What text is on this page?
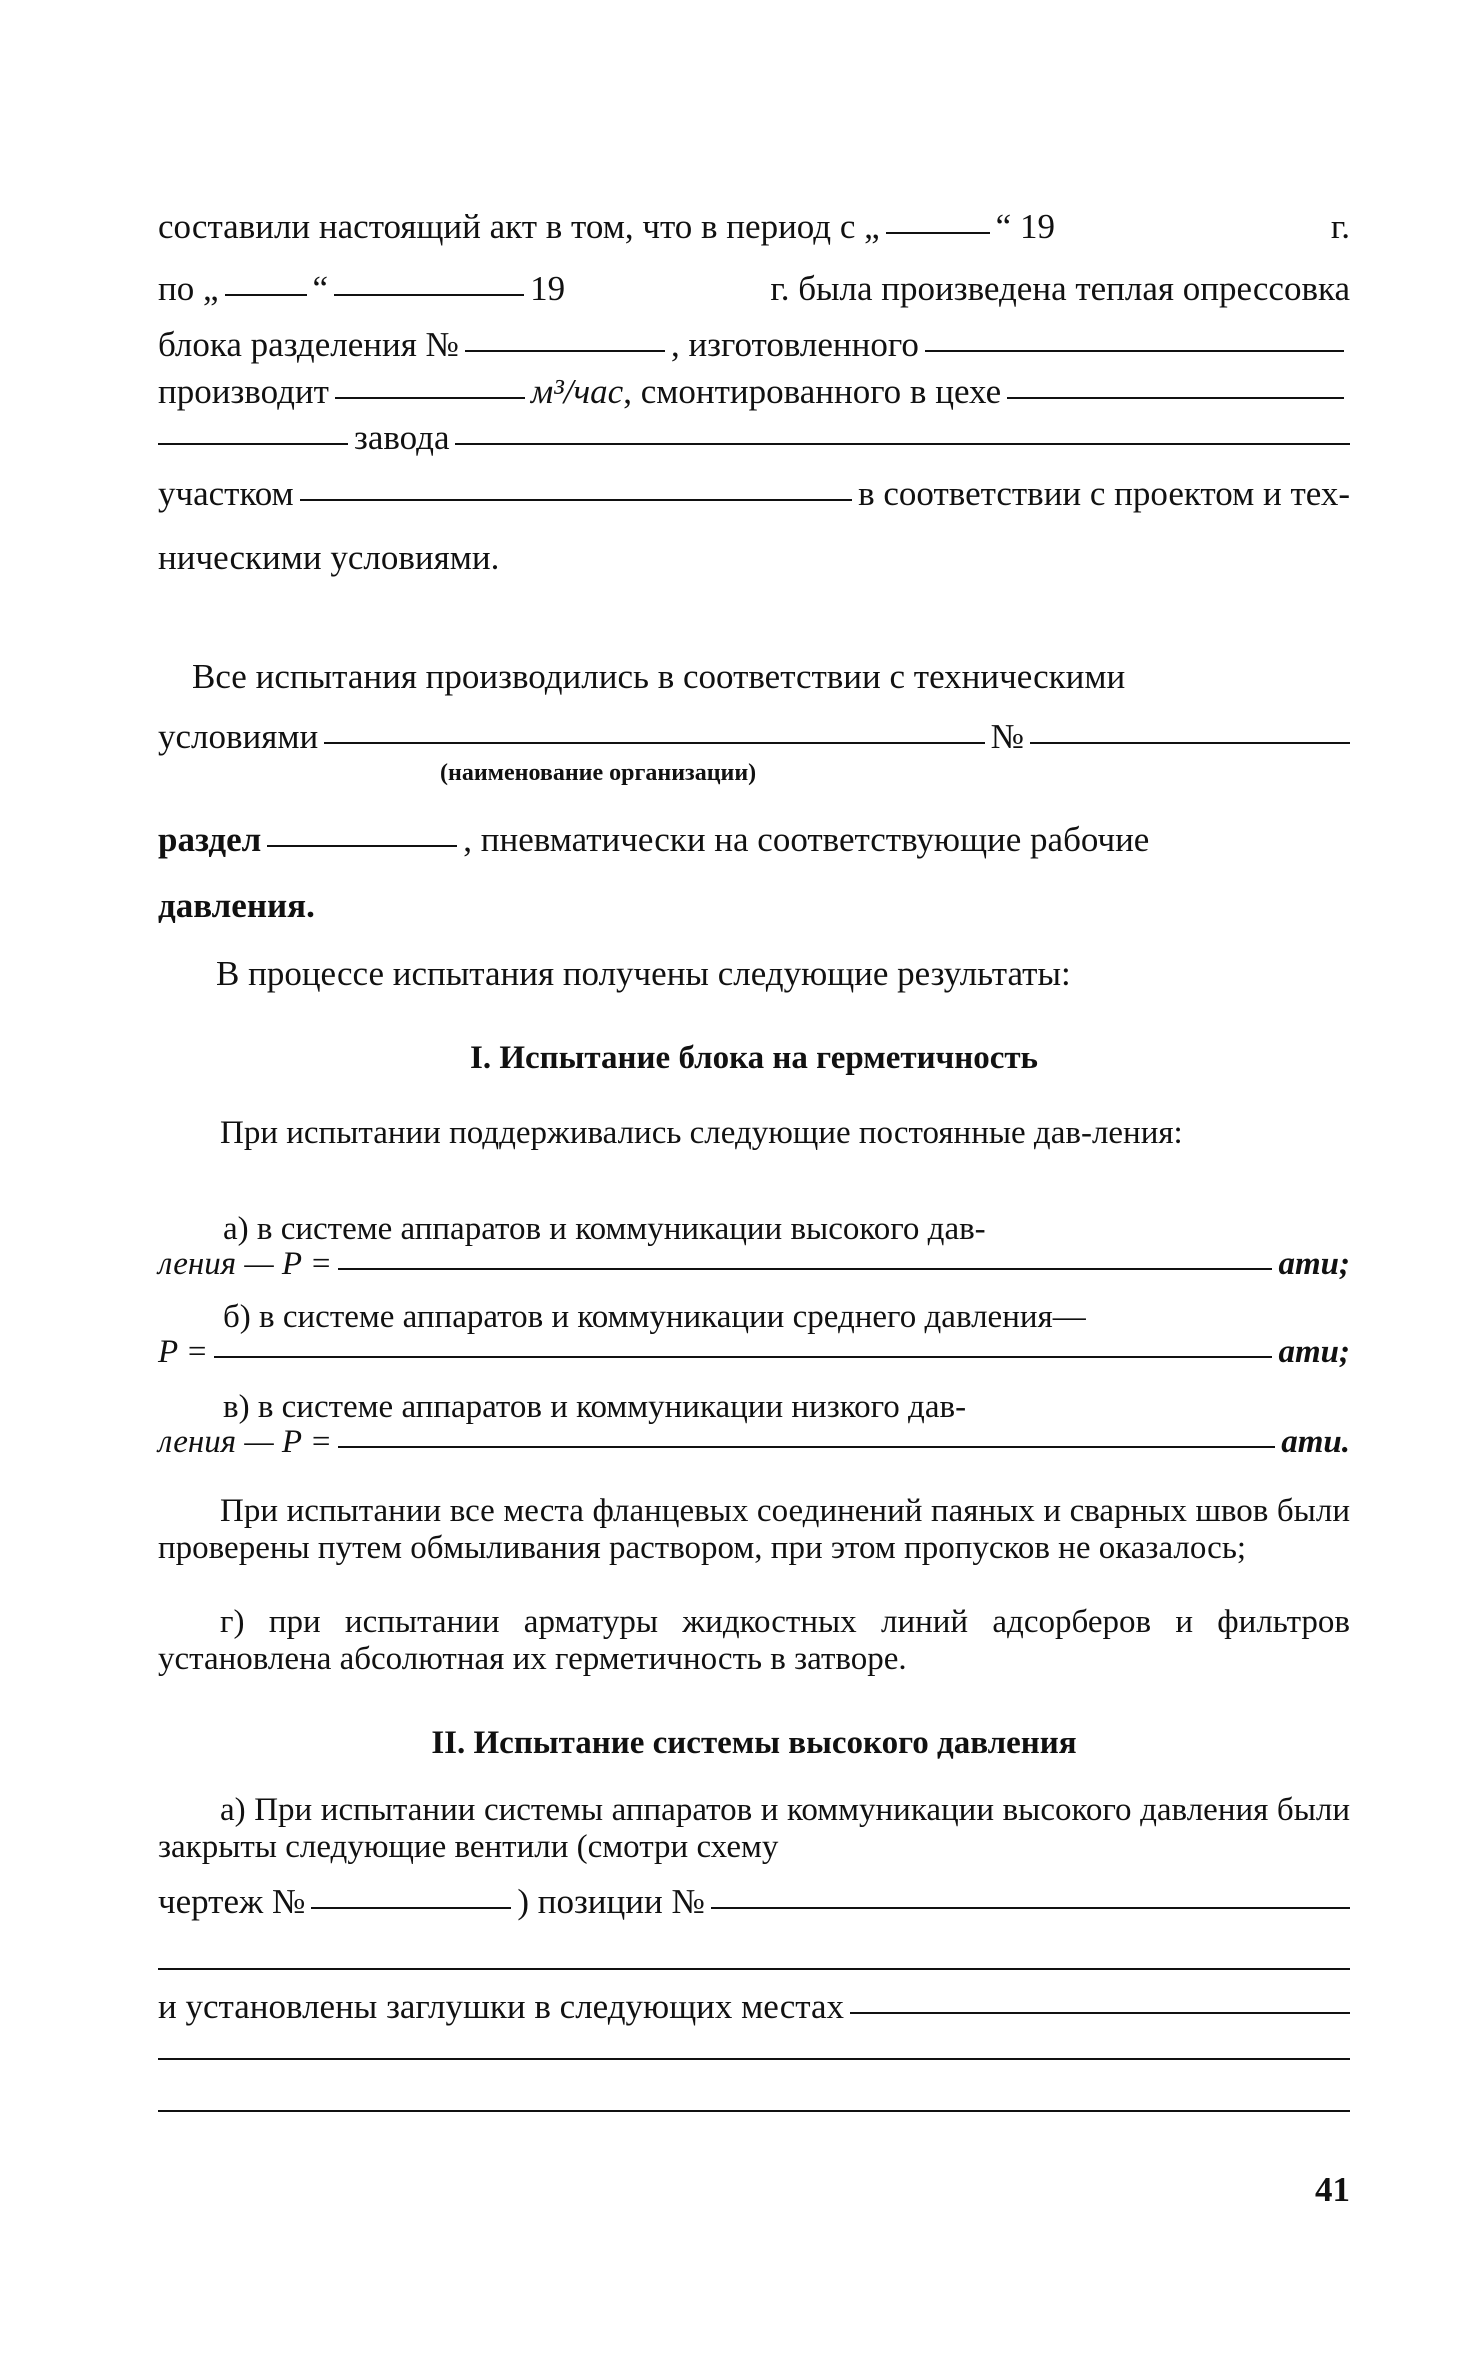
составили настоящий акт в том, что в период с „	“ 19	г.
по „	“	19	г. была произведена теплая опрессовка
блока разделения №	, изготовленного
производит	м³/час , смонтированного в цехе
завода
участком	в соответствии с проектом и тех-
ническими условиями.
Все испытания производились в соответствии с техническими
условиями	№
(наименование организации)
раздел	, пневматически на соответствующие рабочие
давления.
В процессе испытания получены следующие результаты:
I. Испытание блока на герметичность
При испытании поддерживались следующие постоянные дав-ления:
а) в системе аппаратов и коммуникации высокого дав-
ления — P =	ати;
б) в системе аппаратов и коммуникации среднего давления—
P =	ати;
в) в системе аппаратов и коммуникации низкого дав-
ления — P =	ати.
При испытании все места фланцевых соединений паяных и сварных швов были проверены путем обмыливания раствором, при этом пропусков не оказалось;
г) при испытании арматуры жидкостных линий адсорберов и фильтров установлена абсолютная их герметичность в затворе.
II. Испытание системы высокого давления
а) При испытании системы аппаратов и коммуникации высокого давления были закрыты следующие вентили (смотри схему
чертеж №	) позиции №
и установлены заглушки в следующих местах
41
